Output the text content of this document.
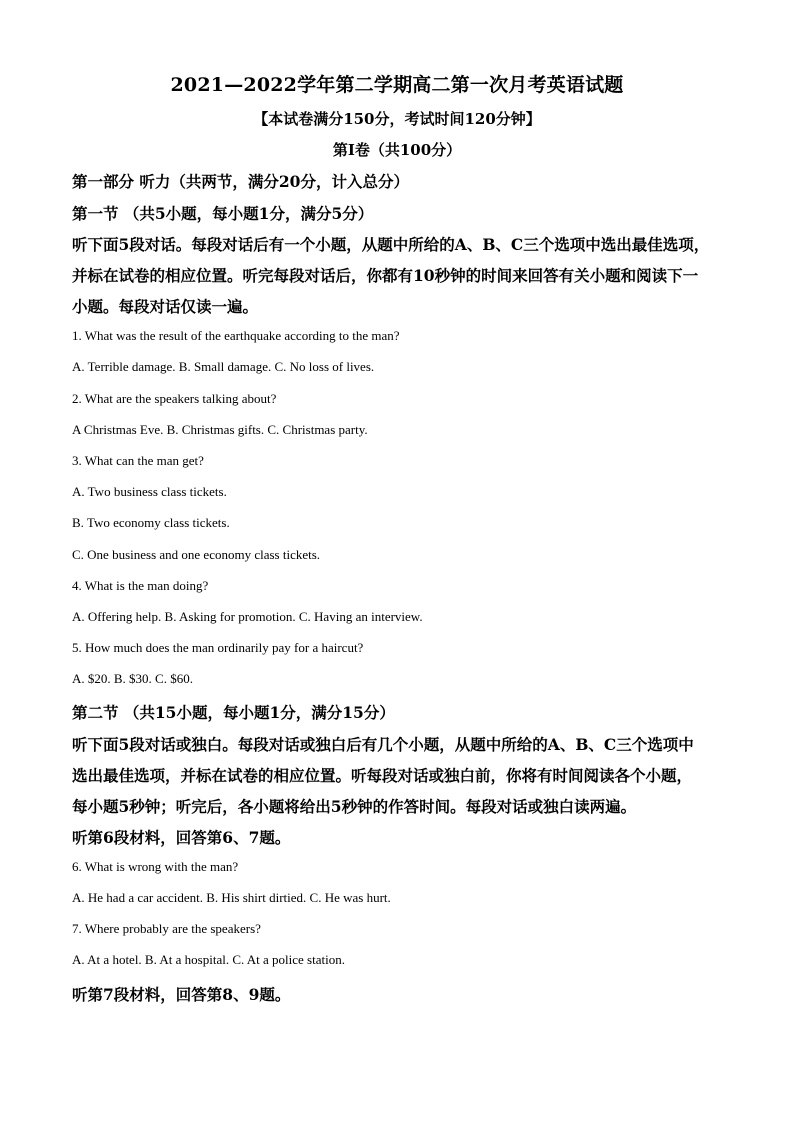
2021—2022学年第二学期高二第一次月考英语试题
【本试卷满分150分，考试时间120分钟】
第I卷（共100分）
第一部分 听力（共两节，满分20分，计入总分）
第一节 （共5小题，每小题1分，满分5分）
听下面5段对话。每段对话后有一个小题，从题中所给的A、B、C三个选项中选出最佳选项，
并标在试卷的相应位置。听完每段对话后，你都有10秒钟的时间来回答有关小题和阅读下一
小题。每段对话仅读一遍。
1. What was the result of the earthquake according to the man?
A. Terrible damage. B. Small damage. C. No loss of lives.
2. What are the speakers talking about?
A Christmas Eve. B. Christmas gifts. C. Christmas party.
3. What can the man get?
A. Two business class tickets.
B. Two economy class tickets.
C. One business and one economy class tickets.
4. What is the man doing?
A. Offering help. B. Asking for promotion. C. Having an interview.
5. How much does the man ordinarily pay for a haircut?
A. $20. B. $30. C. $60.
第二节 （共15小题，每小题1分，满分15分）
听下面5段对话或独白。每段对话或独白后有几个小题，从题中所给的A、B、C三个选项中
选出最佳选项，并标在试卷的相应位置。听每段对话或独白前，你将有时间阅读各个小题，
每小题5秒钟；听完后，各小题将给出5秒钟的作答时间。每段对话或独白读两遍。
听第6段材料，回答第6、7题。
6. What is wrong with the man?
A. He had a car accident. B. His shirt dirtied. C. He was hurt.
7. Where probably are the speakers?
A. At a hotel. B. At a hospital. C. At a police station.
听第7段材料，回答第8、9题。
